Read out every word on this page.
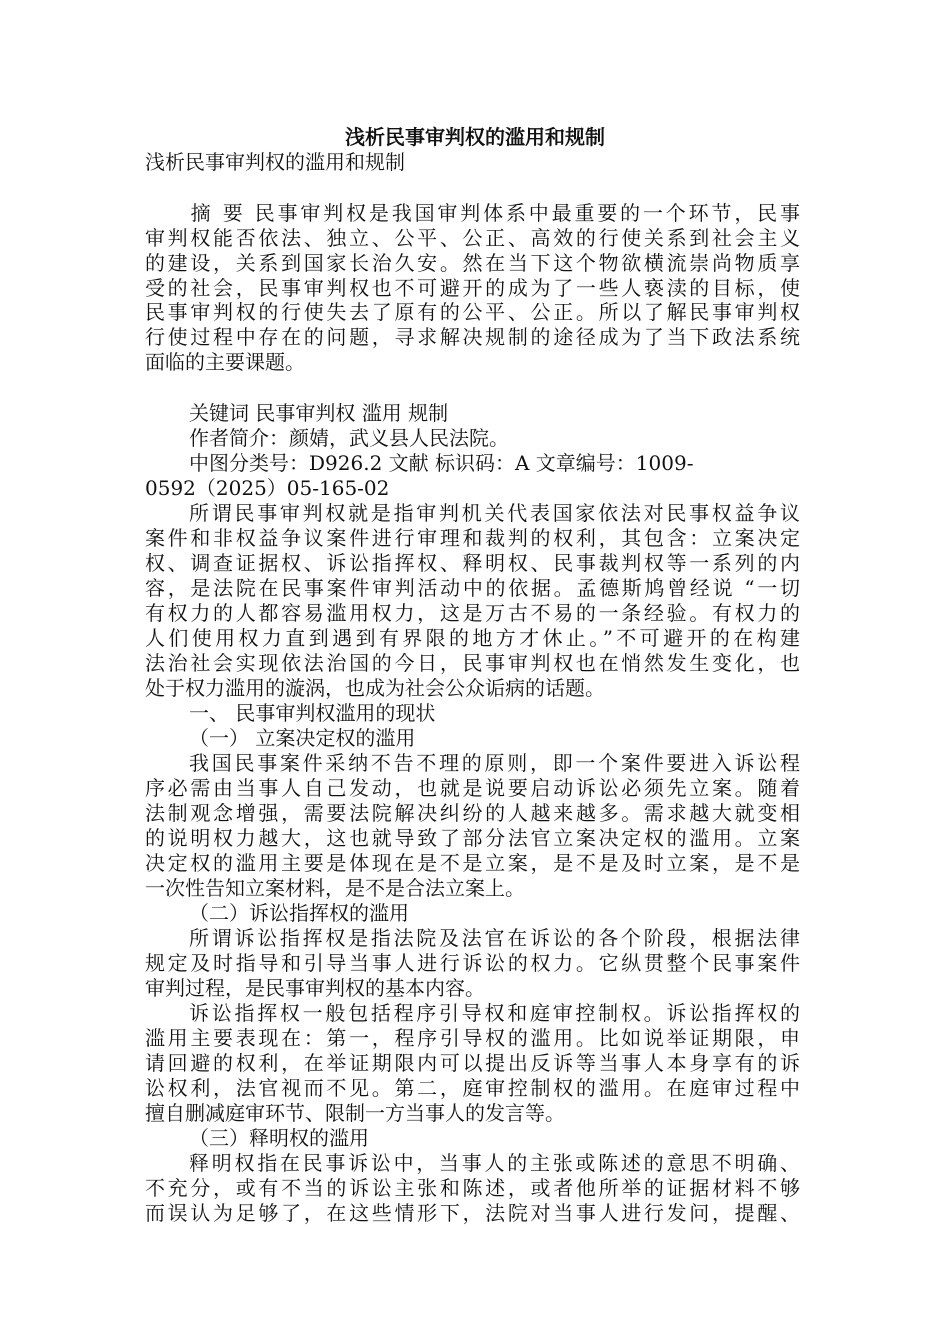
浅析民事审判权的滥用和规制
浅析民事审判权的滥用和规制
　　摘 要 民事审判权是我国审判体系中最重要的一个环节，民事
审判权能否依法、独立、公平、公正、高效的行使关系到社会主义
的建设，关系到国家长治久安。然在当下这个物欲横流崇尚物质享
受的社会，民事审判权也不可避开的成为了一些人亵渎的目标，使
民事审判权的行使失去了原有的公平、公正。所以了解民事审判权
行使过程中存在的问题，寻求解决规制的途径成为了当下政法系统
面临的主要课题。
关键词 民事审判权 滥用 规制
作者简介：颜婧，武义县人民法院。
中图分类号：D926.2 文献 标识码：A 文章编号：1009-
0592（2025）05-165-02
所谓民事审判权就是指审判机关代表国家依法对民事权益争议
案件和非权益争议案件进行审理和裁判的权利，其包含：立案决定
权、调查证据权、诉讼指挥权、释明权、民事裁判权等一系列的内
容，是法院在民事案件审判活动中的依据。孟德斯鸠曾经说 “一切
有权力的人都容易滥用权力，这是万古不易的一条经验。有权力的
人们使用权力直到遇到有界限的地方才休止。”不可避开的在构建
法治社会实现依法治国的今日，民事审判权也在悄然发生变化，也
处于权力滥用的漩涡，也成为社会公众诟病的话题。
一、 民事审判权滥用的现状
（一） 立案决定权的滥用
我国民事案件采纳不告不理的原则，即一个案件要进入诉讼程
序必需由当事人自己发动，也就是说要启动诉讼必须先立案。随着
法制观念增强，需要法院解决纠纷的人越来越多。需求越大就变相
的说明权力越大，这也就导致了部分法官立案决定权的滥用。立案
决定权的滥用主要是体现在是不是立案，是不是及时立案，是不是
一次性告知立案材料，是不是合法立案上。
（二）诉讼指挥权的滥用
所谓诉讼指挥权是指法院及法官在诉讼的各个阶段，根据法律
规定及时指导和引导当事人进行诉讼的权力。它纵贯整个民事案件
审判过程，是民事审判权的基本内容。
诉讼指挥权一般包括程序引导权和庭审控制权。诉讼指挥权的
滥用主要表现在：第一，程序引导权的滥用。比如说举证期限，申
请回避的权利，在举证期限内可以提出反诉等当事人本身享有的诉
讼权利，法官视而不见。第二，庭审控制权的滥用。在庭审过程中
擅自删减庭审环节、限制一方当事人的发言等。
（三）释明权的滥用
释明权指在民事诉讼中，当事人的主张或陈述的意思不明确、
不充分，或有不当的诉讼主张和陈述，或者他所举的证据材料不够
而误认为足够了，在这些情形下，法院对当事人进行发问，提醒、
